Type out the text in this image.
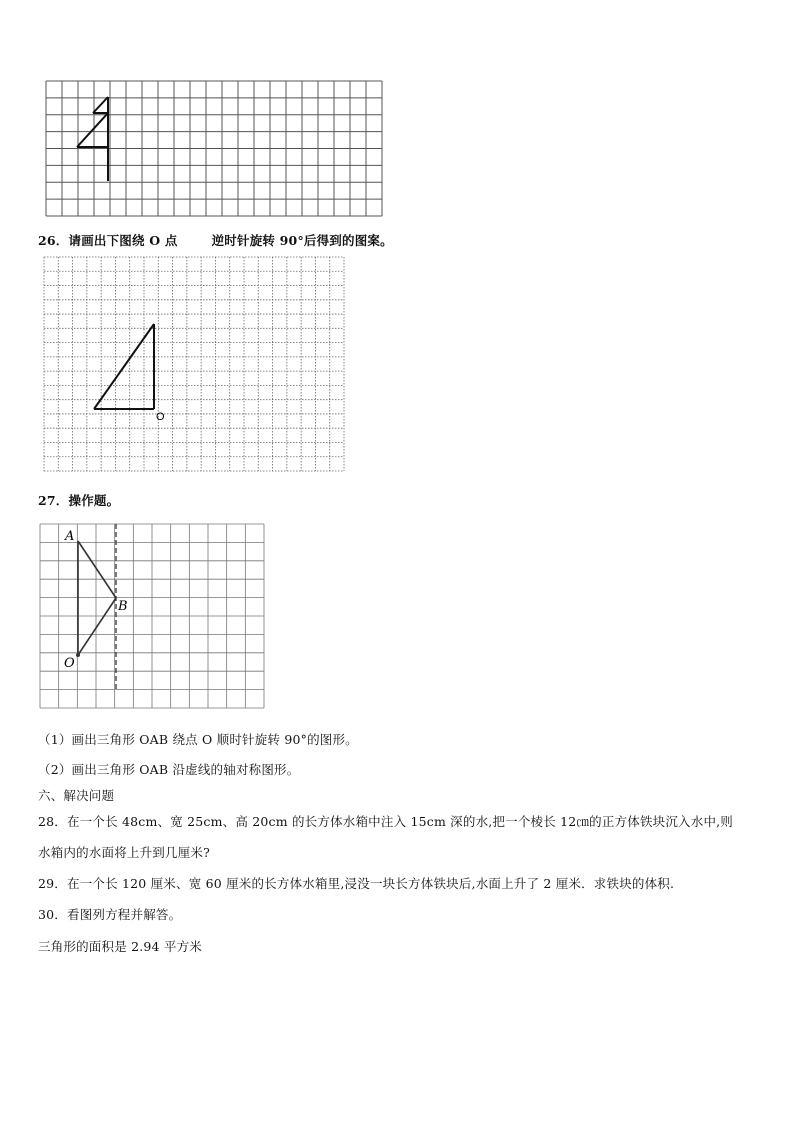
26．请画出下图绕 O 点	逆时针旋转 90°后得到的图案。
O
27．操作题。
A
B
O
（1）画出三角形 OAB 绕点 O 顺时针旋转 90°的图形。
（2）画出三角形 OAB 沿虚线的轴对称图形。
六、解决问题
28．在一个长 48cm、宽 25cm、高 20cm 的长方体水箱中注入 15cm 深的水,把一个棱长 12㎝的正方体铁块沉入水中,则
水箱内的水面将上升到几厘米?
29．在一个长 120 厘米、宽 60 厘米的长方体水箱里,浸没一块长方体铁块后,水面上升了 2 厘米．求铁块的体积.
30．看图列方程并解答。
三角形的面积是 2.94 平方米
